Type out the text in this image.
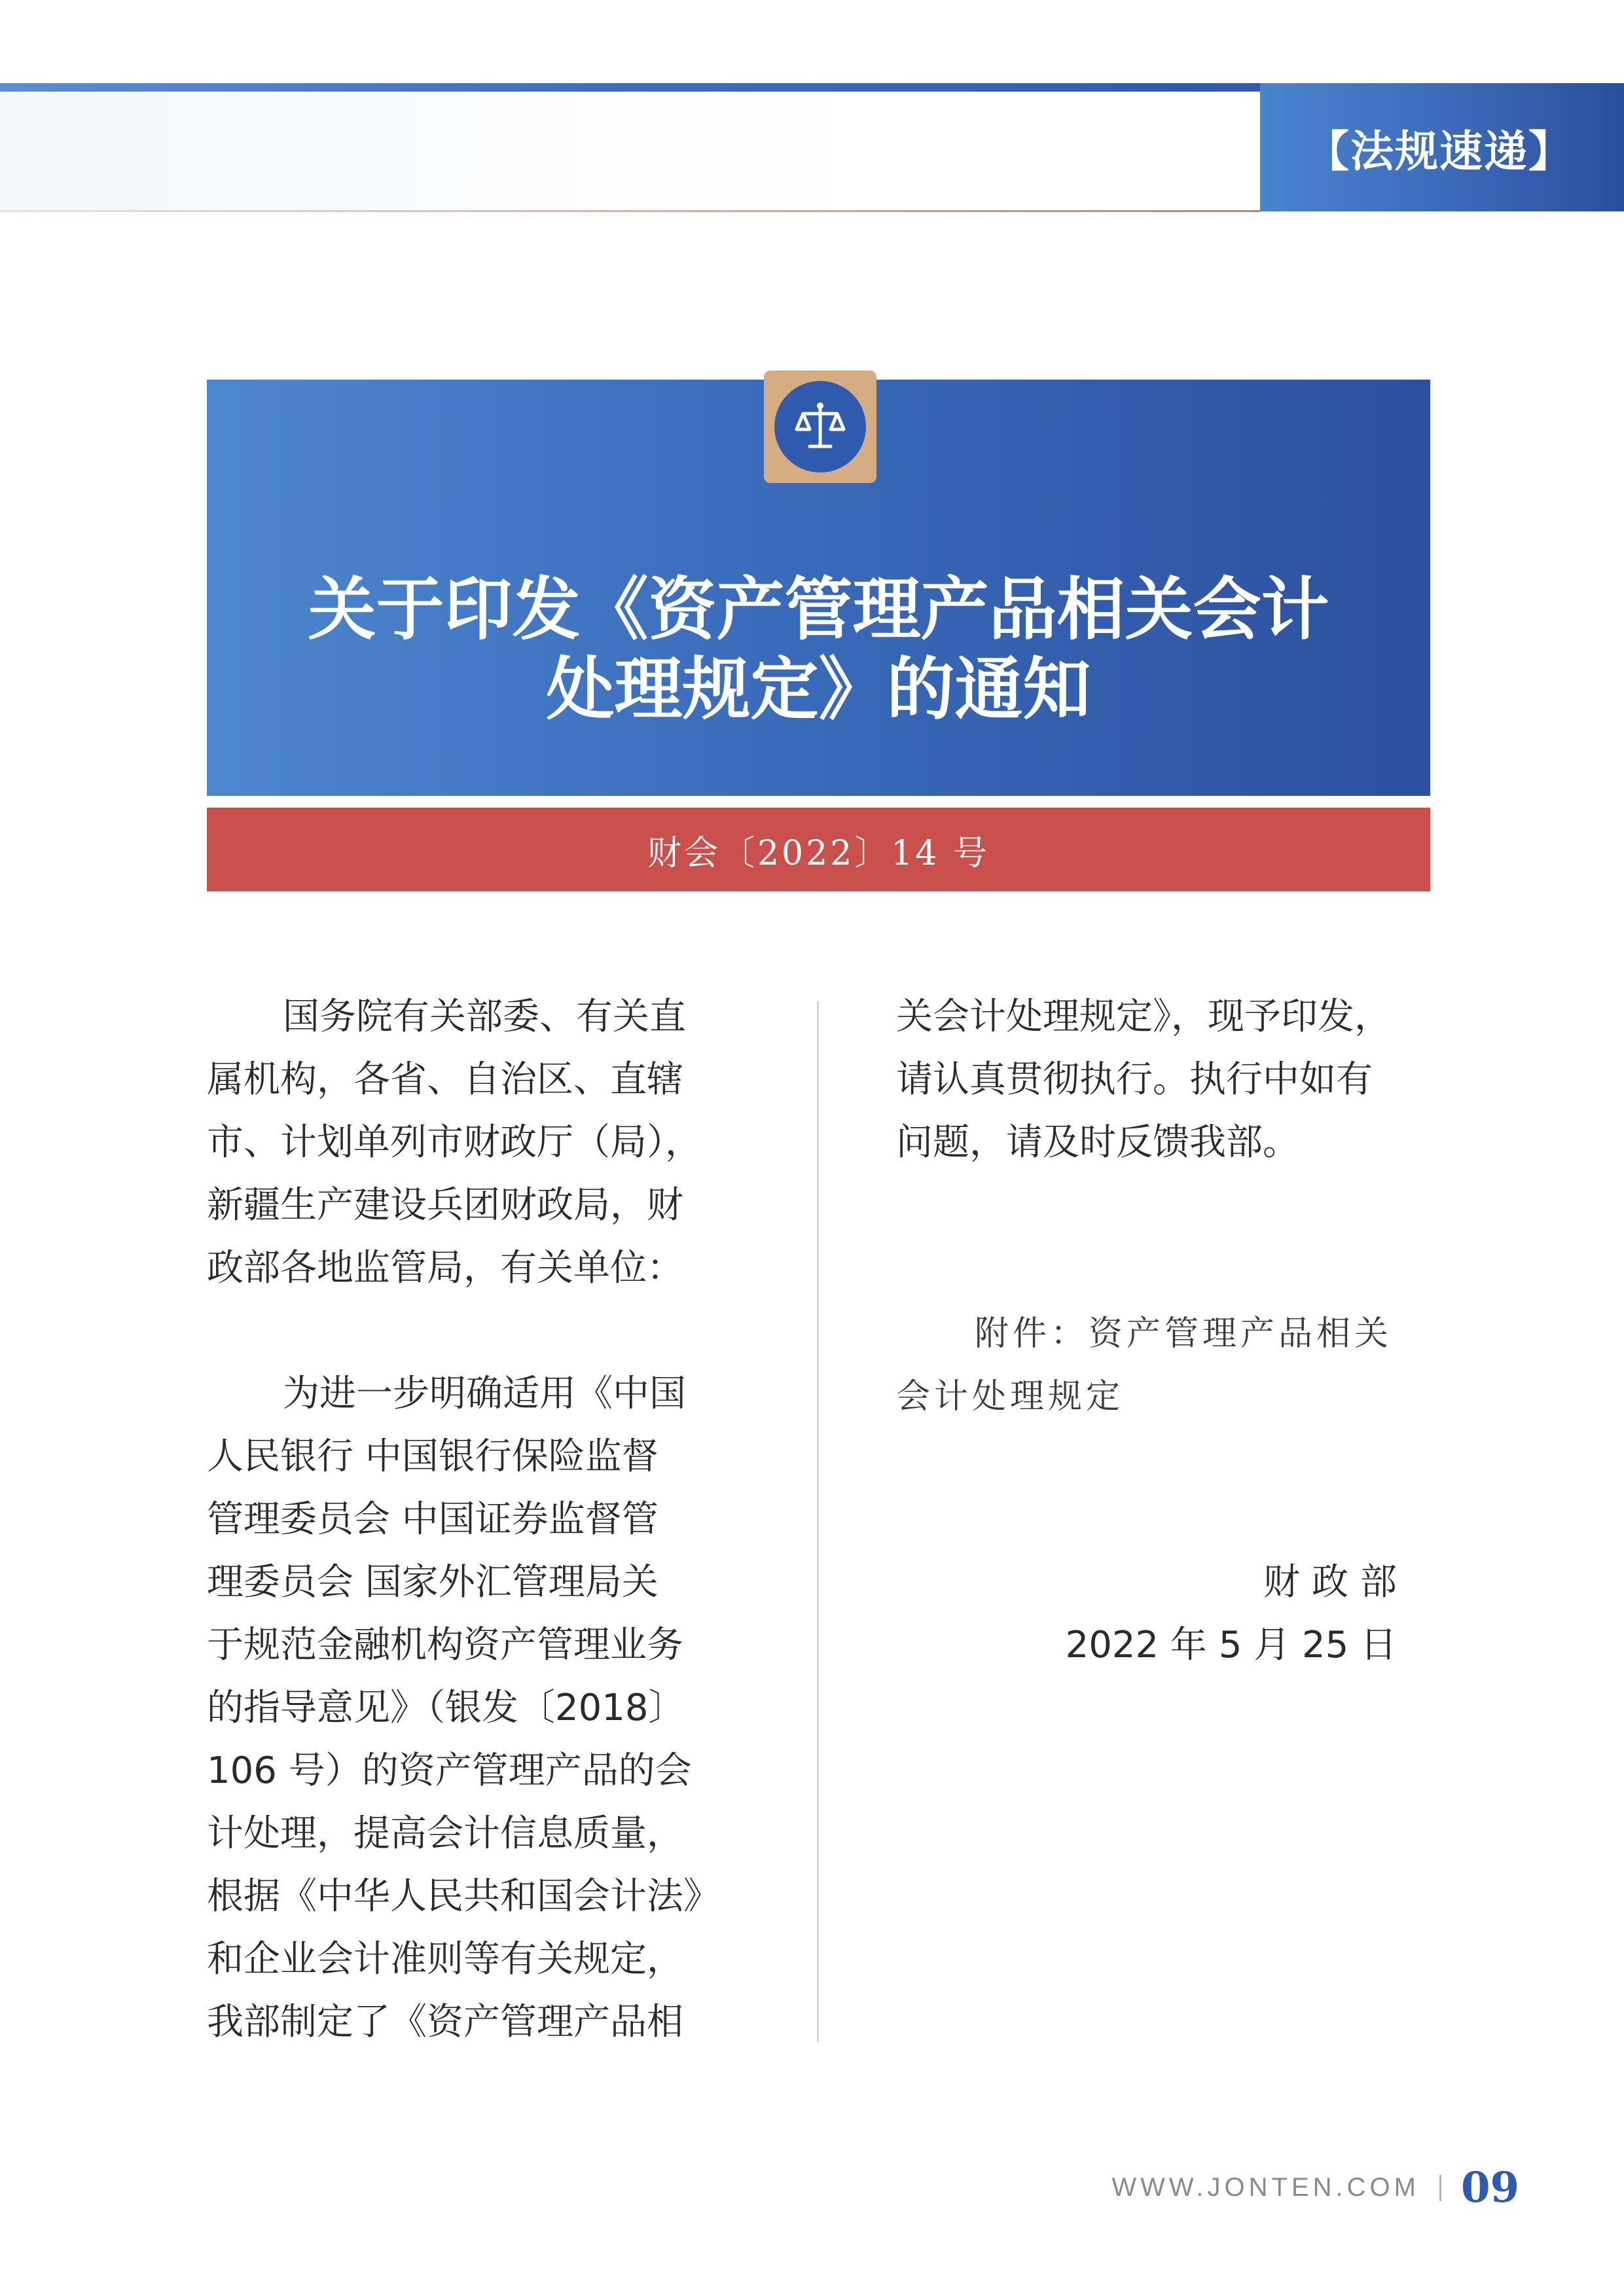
【法规速递】
关于印发《资产管理产品相关会计
处理规定》的通知
财会〔2022〕14 号
国务院有关部委、有关直
属机构，各省、自治区、直辖
市、计划单列市财政厅（局），
新疆生产建设兵团财政局，财
政部各地监管局，有关单位：
为进一步明确适用《中国
人民银行 中国银行保险监督
管理委员会 中国证券监督管
理委员会 国家外汇管理局关
于规范金融机构资产管理业务
的指导意见》（银发〔2018〕
106 号）的资产管理产品的会
计处理，提高会计信息质量，
根据《中华人民共和国会计法》
和企业会计准则等有关规定，
我部制定了《资产管理产品相
关会计处理规定》，现予印发，
请认真贯彻执行。执行中如有
问题，请及时反馈我部。
附件：资产管理产品相关
会计处理规定
财政部
2022 年 5 月 25 日
WWW.JONTEN.COM 09
